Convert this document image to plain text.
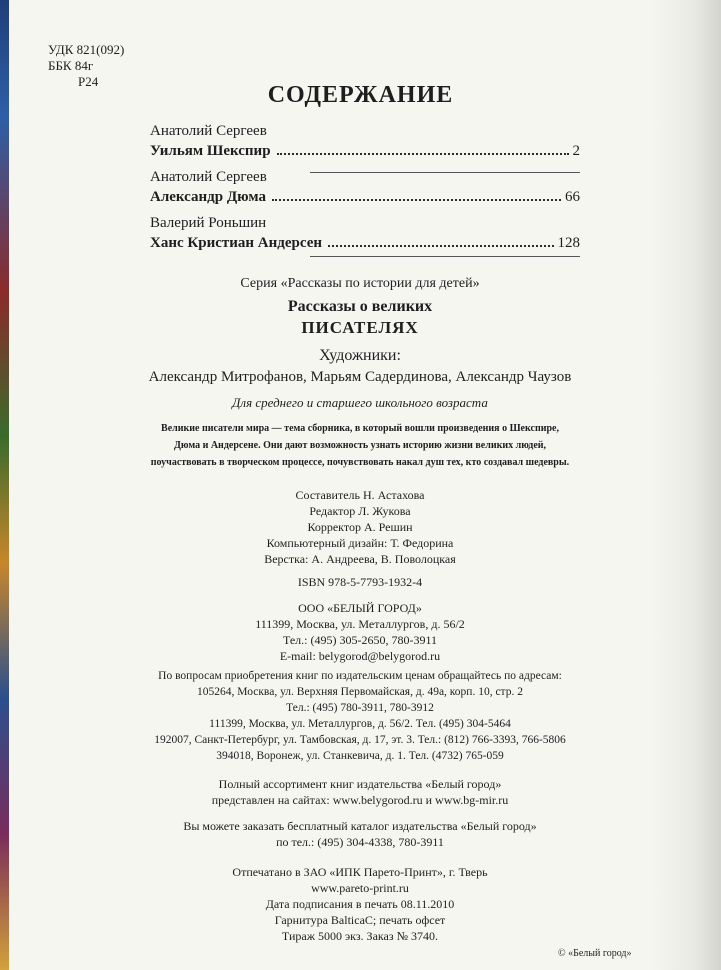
УДК 821(092)
ББК 84г
Р24
СОДЕРЖАНИЕ
Анатолий Сергеев
Уильям Шекспир	2
Анатолий Сергеев
Александр Дюма	66
Валерий Роньшин
Ханс Кристиан Андерсен	128
Серия «Рассказы по истории для детей»
Рассказы о великих
ПИСАТЕЛЯХ
Художники:
Александр Митрофанов, Марьям Садердинова, Александр Чаузов
Для среднего и старшего школьного возраста
Великие писатели мира — тема сборника, в который вошли произведения о Шекспире,
Дюма и Андерсене. Они дают возможность узнать историю жизни великих людей,
поучаствовать в творческом процессе, почувствовать накал душ тех, кто создавал шедевры.
Составитель Н. Астахова
Редактор Л. Жукова
Корректор А. Решин
Компьютерный дизайн: Т. Федорина
Верстка: А. Андреева, В. Поволоцкая
ISBN 978-5-7793-1932-4
ООО «БЕЛЫЙ ГОРОД»
111399, Москва, ул. Металлургов, д. 56/2
Тел.: (495) 305-2650, 780-3911
E-mail: belygorod@belygorod.ru
По вопросам приобретения книг по издательским ценам обращайтесь по адресам:
105264, Москва, ул. Верхняя Первомайская, д. 49а, корп. 10, стр. 2
Тел.: (495) 780-3911, 780-3912
111399, Москва, ул. Металлургов, д. 56/2. Тел. (495) 304-5464
192007, Санкт-Петербург, ул. Тамбовская, д. 17, эт. 3. Тел.: (812) 766-3393, 766-5806
394018, Воронеж, ул. Станкевича, д. 1. Тел. (4732) 765-059
Полный ассортимент книг издательства «Белый город»
представлен на сайтах: www.belygorod.ru и www.bg-mir.ru
Вы можете заказать бесплатный каталог издательства «Белый город»
по тел.: (495) 304-4338, 780-3911
Отпечатано в ЗАО «ИПК Парето-Принт», г. Тверь
www.pareto-print.ru
Дата подписания в печать 08.11.2010
Гарнитура BalticaC; печать офсет
Тираж 5000 экз. Заказ № 3740.
© «Белый город»
